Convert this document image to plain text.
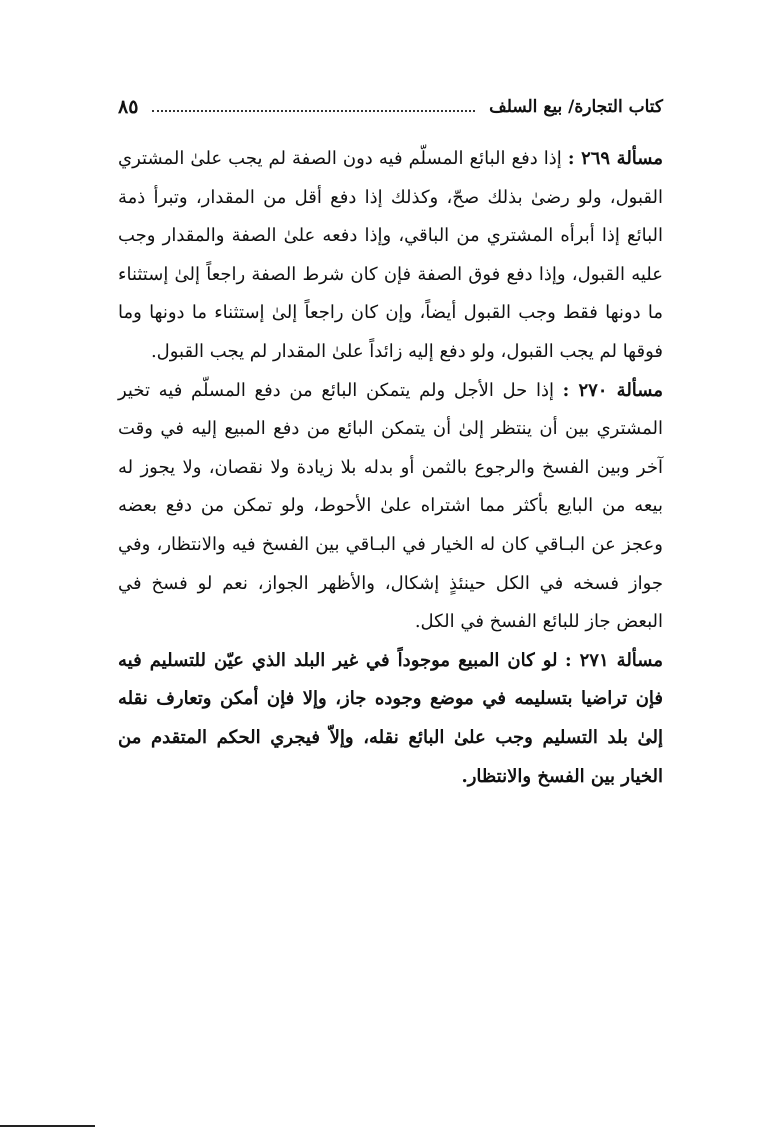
كتاب التجارة/ بيع السلف
٨٥

مسألة ٢٦٩ : إذا دفع البائع المسلّم فيه دون الصفة لم يجب علىٰ المشتري القبول، ولو رضىٰ بذلك صحّ، وكذلك إذا دفع أقل من المقدار، وتبرأ ذمة البائع إذا أبرأه المشتري من الباقي، وإذا دفعه علىٰ الصفة والمقدار وجب عليه القبول، وإذا دفع فوق الصفة فإن كان شرط الصفة راجعاً إلىٰ إستثناء ما دونها فقط وجب القبول أيضاً، وإن كان راجعاً إلىٰ إستثناء ما دونها وما فوقها لم يجب القبول، ولو دفع إليه زائداً علىٰ المقدار لم يجب القبول.

مسألة ٢٧٠ : إذا حل الأجل ولم يتمكن البائع من دفع المسلّم فيه تخير المشتري بين أن ينتظر إلىٰ أن يتمكن البائع من دفع المبيع إليه في وقت آخر وبين الفسخ والرجوع بالثمن أو بدله بلا زيادة ولا نقصان، ولا يجوز له بيعه من البايع بأكثر مما اشتراه علىٰ الأحوط، ولو تمكن من دفع بعضه وعجز عن البـاقي كان له الخيار في البـاقي بين الفسخ فيه والانتظار، وفي جواز فسخه في الكل حينئذٍ إشكال، والأظهر الجواز، نعم لو فسخ في البعض جاز للبائع الفسخ في الكل.

مسألة ٢٧١ : لو كان المبيع موجوداً في غير البلد الذي عيّن للتسليم فيه فإن تراضيا بتسليمه في موضع وجوده جاز، وإلا فإن أمكن وتعارف نقله إلىٰ بلد التسليم وجب علىٰ البائع نقله، وإلاّ فيجري الحكم المتقدم من الخيار بين الفسخ والانتظار.
